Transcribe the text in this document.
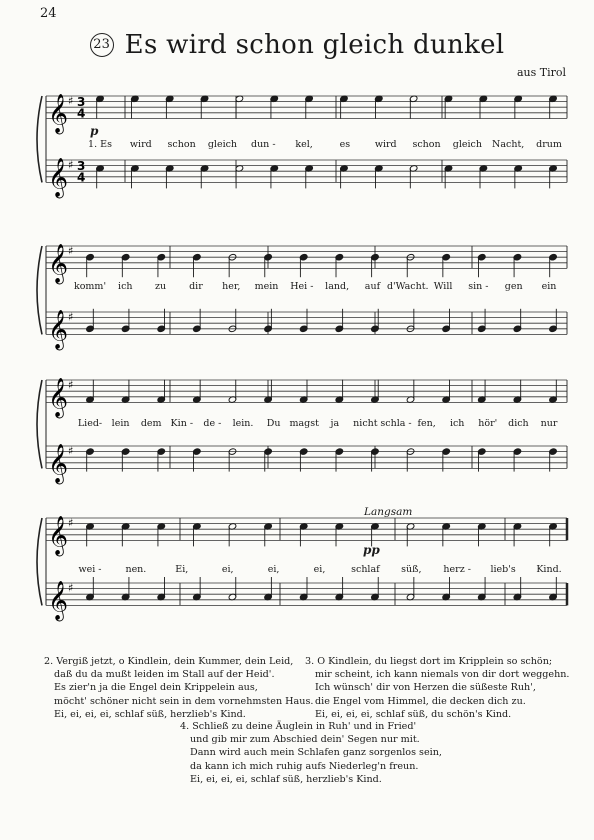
24
23 Es wird schon gleich dunkel
aus Tirol
𝄞 ♯ 3
4
𝄞 ♯ 3
4
𝄞 ♯
𝄞 ♯
𝄞 ♯
𝄞 ♯
𝄞 ♯
𝄞 ♯
1. Es wird schon gleich dun - kel,	es	wird schon gleich Nacht, drum
komm' ich zu dir her, mein Hei - land, auf d'Wacht. Will sin - gen ein
Lied- lein dem Kin - de - lein. Du magst ja nicht schla - fen, ich hör' dich nur
wei -	nen.	Ei,	ei,	ei,	ei,	schlaf süß, herz - lieb's Kind.
Langsam
p
pp
2. Vergiß jetzt, o Kindlein, dein Kummer, dein Leid,
daß du da mußt leiden im Stall auf der Heid'.
Es zier'n ja die Engel dein Krippelein aus,
möcht' schöner nicht sein in dem vornehmsten Haus.
Ei, ei, ei, ei, schlaf süß, herzlieb's Kind.
3. O Kindlein, du liegst dort im Kripplein so schön;
mir scheint, ich kann niemals von dir dort weggehn.
Ich wünsch' dir von Herzen die süßeste Ruh',
die Engel vom Himmel, die decken dich zu.
Ei, ei, ei, ei, schlaf süß, du schön's Kind.
4. Schließ zu deine Äuglein in Ruh' und in Fried'
und gib mir zum Abschied dein' Segen nur mit.
Dann wird auch mein Schlafen ganz sorgenlos sein,
da kann ich mich ruhig aufs Niederleg'n freun.
Ei, ei, ei, ei, schlaf süß, herzlieb's Kind.
